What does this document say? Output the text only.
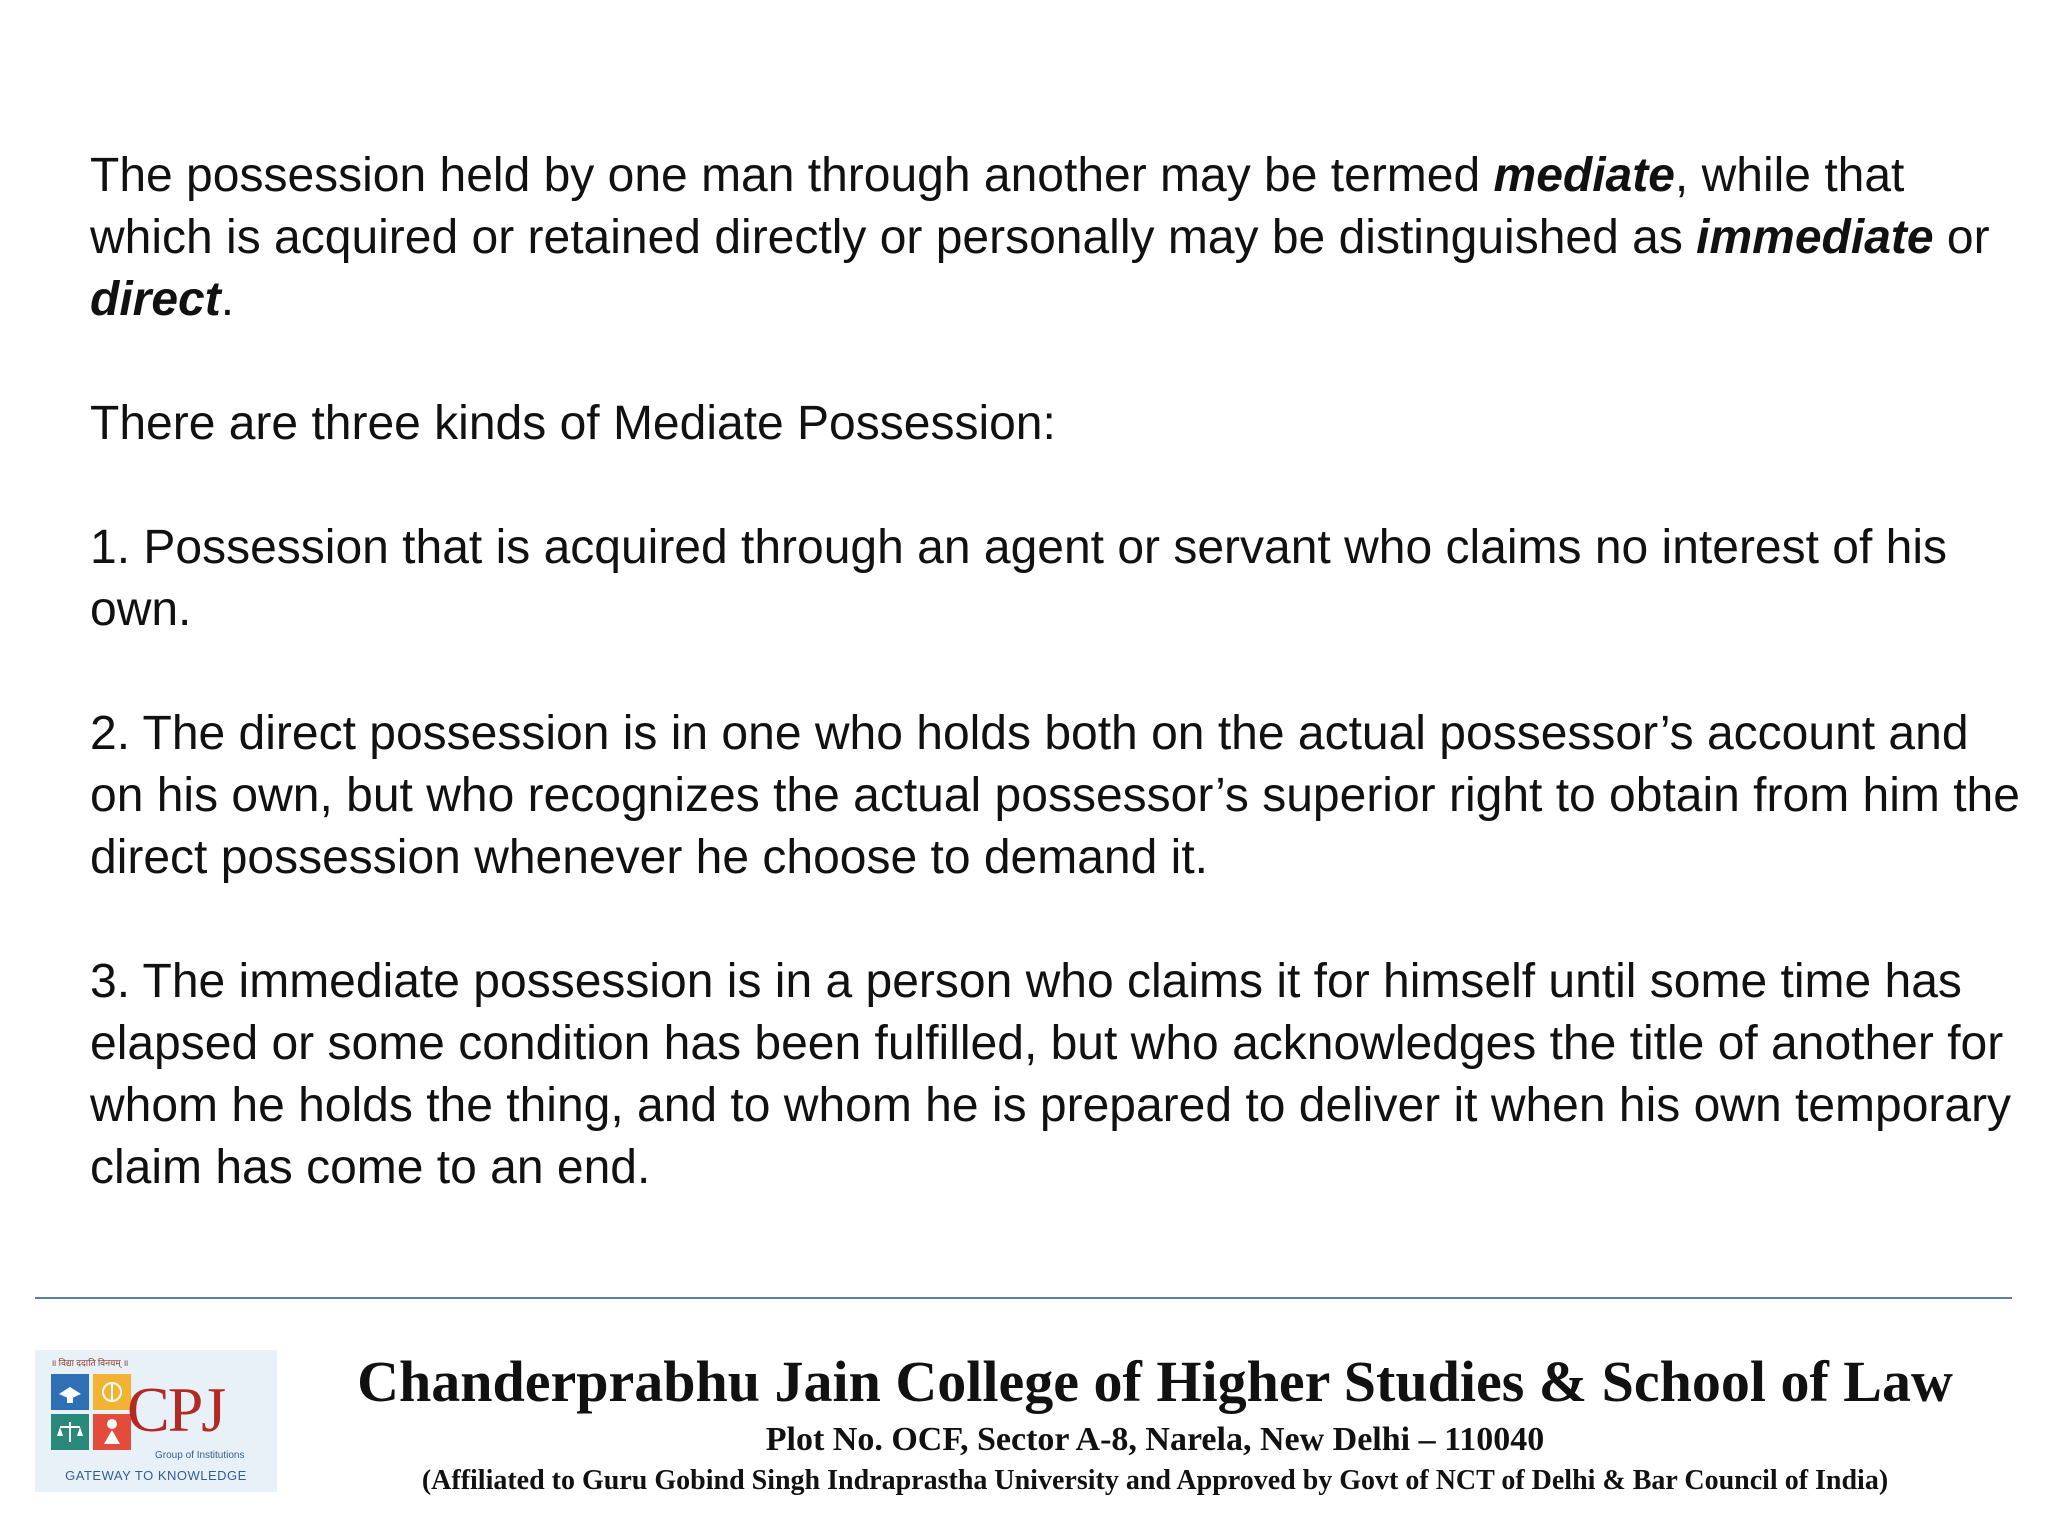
The possession held by one man through another may be termed mediate, while that which is acquired or retained directly or personally may be distinguished as immediate or direct.

There are three kinds of Mediate Possession:

1. Possession that is acquired through an agent or servant who claims no interest of his own.

2. The direct possession is in one who holds both on the actual possessor’s account and on his own, but who recognizes the actual possessor’s superior right to obtain from him the direct possession whenever he choose to demand it.

3. The immediate possession is in a person who claims it for himself until some time has elapsed or some condition has been fulfilled, but who acknowledges the title of another for whom he holds the thing, and to whom he is prepared to deliver it when his own temporary claim has come to an end.

॥ विद्या ददाति विनयम् ॥
CPJ
Group of Institutions
GATEWAY TO KNOWLEDGE

Chanderprabhu Jain College of Higher Studies & School of Law

Plot No. OCF, Sector A-8, Narela, New Delhi – 110040

(Affiliated to Guru Gobind Singh Indraprastha University and Approved by Govt of NCT of Delhi & Bar Council of India)
